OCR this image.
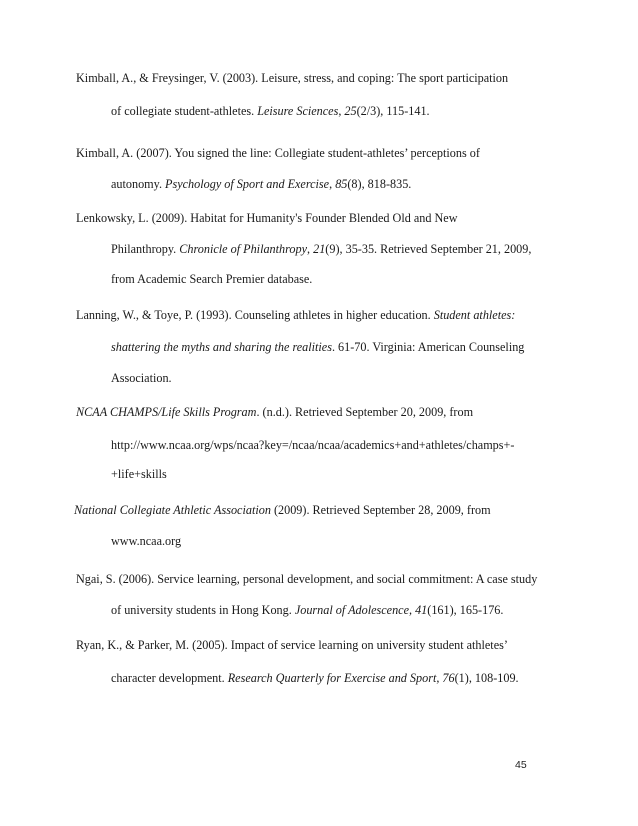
Kimball, A., & Freysinger, V. (2003). Leisure, stress, and coping: The sport participation
of collegiate student-athletes. Leisure Sciences, 25(2/3), 115-141.
Kimball, A. (2007). You signed the line: Collegiate student-athletes’ perceptions of
autonomy. Psychology of Sport and Exercise, 85(8), 818-835.
Lenkowsky, L. (2009). Habitat for Humanity's Founder Blended Old and New
Philanthropy. Chronicle of Philanthropy, 21(9), 35-35. Retrieved September 21, 2009,
from Academic Search Premier database.
Lanning, W., & Toye, P. (1993). Counseling athletes in higher education. Student athletes:
shattering the myths and sharing the realities. 61-70. Virginia: American Counseling
Association.
NCAA CHAMPS/Life Skills Program. (n.d.). Retrieved September 20, 2009, from
http://www.ncaa.org/wps/ncaa?key=/ncaa/ncaa/academics+and+athletes/champs+-
+life+skills
National Collegiate Athletic Association (2009). Retrieved September 28, 2009, from
www.ncaa.org
Ngai, S. (2006). Service learning, personal development, and social commitment: A case study
of university students in Hong Kong. Journal of Adolescence, 41(161), 165-176.
Ryan, K., & Parker, M. (2005). Impact of service learning on university student athletes’
character development. Research Quarterly for Exercise and Sport, 76(1), 108-109.
45
